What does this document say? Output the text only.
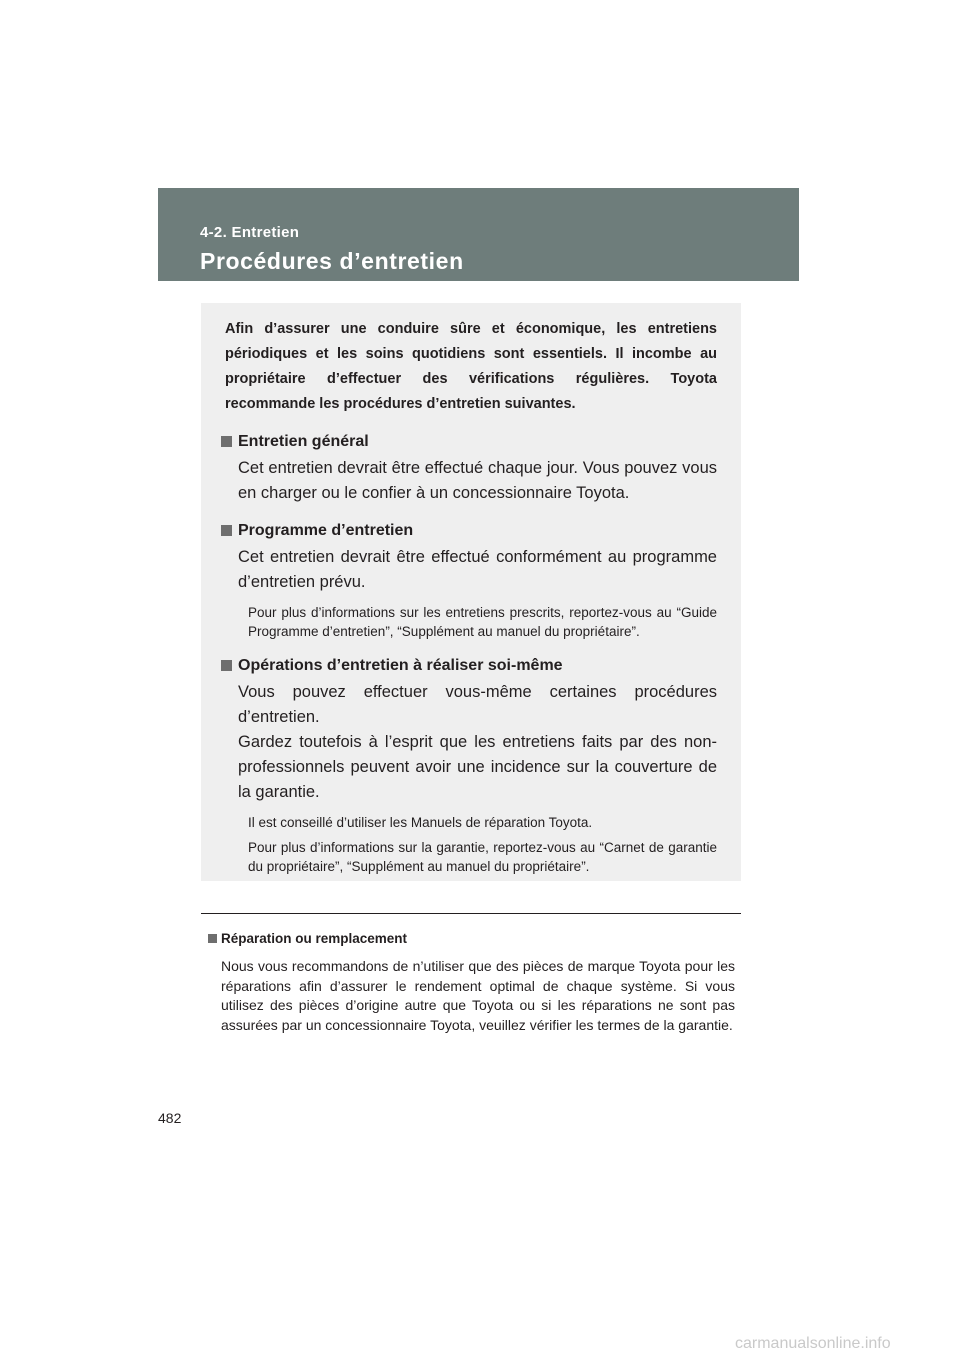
4-2. Entretien
Procédures d’entretien
Afin d’assurer une conduire sûre et économique, les entretiens périodiques et les soins quotidiens sont essentiels. Il incombe au propriétaire d’effectuer des vérifications régulières. Toyota recommande les procédures d’entretien suivantes.
Entretien général
Cet entretien devrait être effectué chaque jour. Vous pouvez vous en charger ou le confier à un concessionnaire Toyota.
Programme d’entretien
Cet entretien devrait être effectué conformément au programme d’entretien prévu.
Pour plus d’informations sur les entretiens prescrits, reportez-vous au “Guide Programme d’entretien”, “Supplément au manuel du propriétaire”.
Opérations d’entretien à réaliser soi-même
Vous pouvez effectuer vous-même certaines procédures d’entretien.
Gardez toutefois à l’esprit que les entretiens faits par des non-professionnels peuvent avoir une incidence sur la couverture de la garantie.
Il est conseillé d’utiliser les Manuels de réparation Toyota.
Pour plus d’informations sur la garantie, reportez-vous au “Carnet de garantie du propriétaire”, “Supplément au manuel du propriétaire”.
Réparation ou remplacement
Nous vous recommandons de n’utiliser que des pièces de marque Toyota pour les réparations afin d’assurer le rendement optimal de chaque système. Si vous utilisez des pièces d’origine autre que Toyota ou si les réparations ne sont pas assurées par un concessionnaire Toyota, veuillez vérifier les termes de la garantie.
482
carmanualsonline.info
